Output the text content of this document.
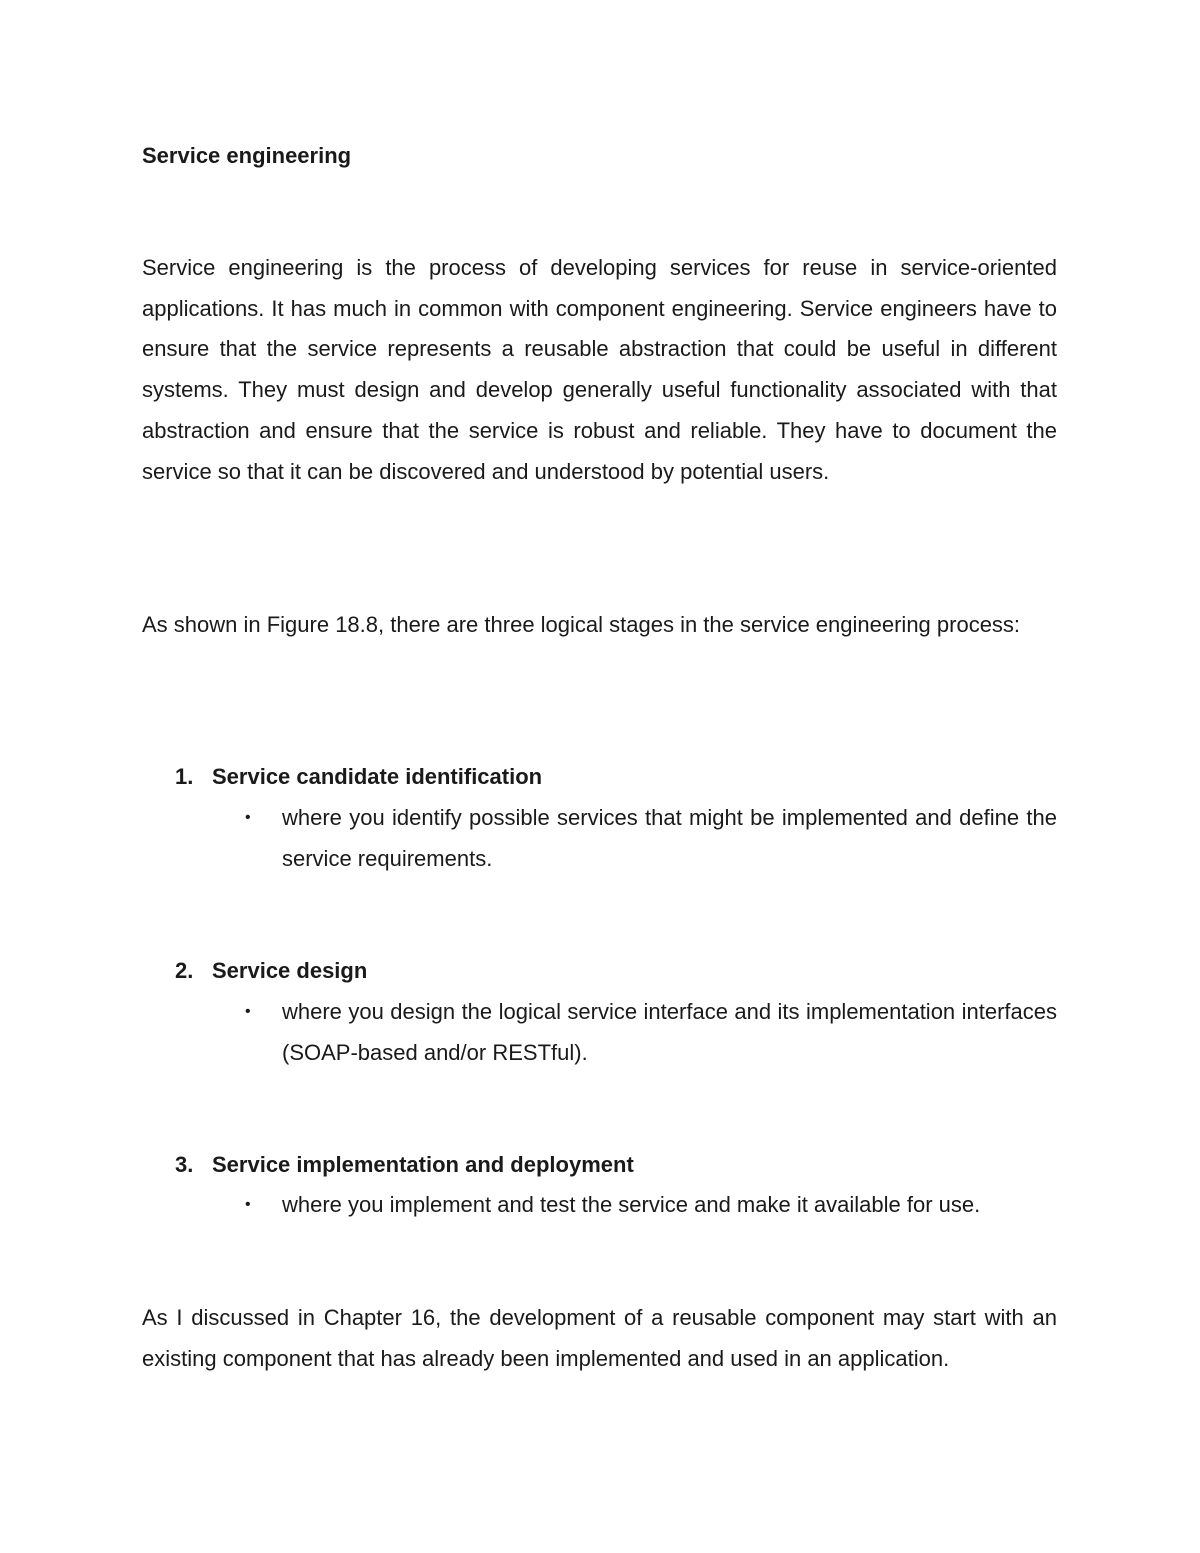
Service engineering
Service engineering is the process of developing services for reuse in service-oriented applications. It has much in common with component engineering. Service engineers have to ensure that the service represents a reusable abstraction that could be useful in different systems. They must design and develop generally useful functionality associated with that abstraction and ensure that the service is robust and reliable. They have to document the service so that it can be discovered and understood by potential users.
As shown in Figure 18.8, there are three logical stages in the service engineering process:
1. Service candidate identification
•	where you identify possible services that might be implemented and define the service requirements.
2. Service design
•	where you design the logical service interface and its implementation interfaces (SOAP-based and/or RESTful).
3. Service implementation and deployment
•	where you implement and test the service and make it available for use.
As I discussed in Chapter 16, the development of a reusable component may start with an existing component that has already been implemented and used in an application.
